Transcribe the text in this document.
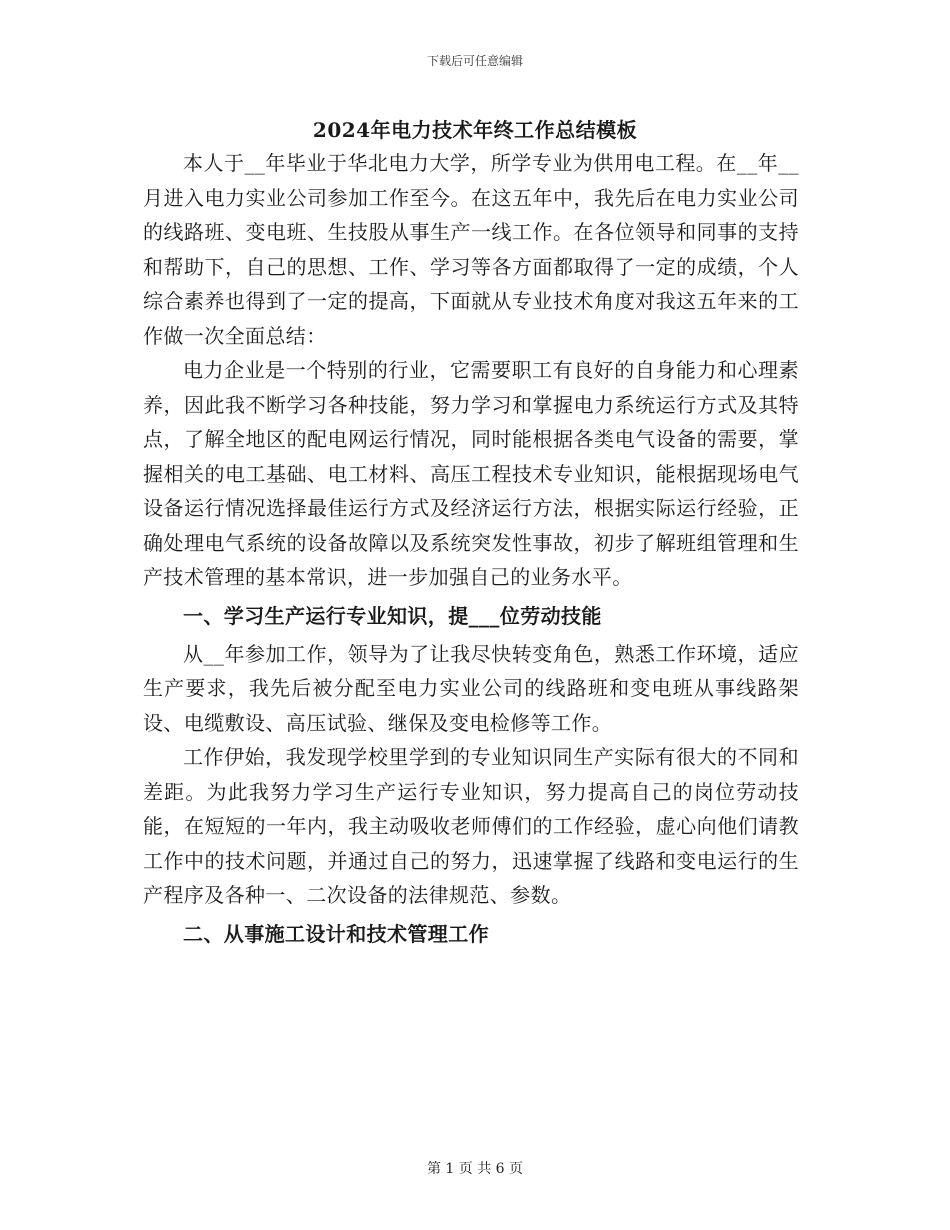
下载后可任意编辑
2024年电力技术年终工作总结模板

本人于__年毕业于华北电力大学，所学专业为供用电工程。在__年__月进入电力实业公司参加工作至今。在这五年中，我先后在电力实业公司的线路班、变电班、生技股从事生产一线工作。在各位领导和同事的支持和帮助下，自己的思想、工作、学习等各方面都取得了一定的成绩，个人综合素养也得到了一定的提高，下面就从专业技术角度对我这五年来的工作做一次全面总结：

电力企业是一个特别的行业，它需要职工有良好的自身能力和心理素养，因此我不断学习各种技能，努力学习和掌握电力系统运行方式及其特点，了解全地区的配电网运行情况，同时能根据各类电气设备的需要，掌握相关的电工基础、电工材料、高压工程技术专业知识，能根据现场电气设备运行情况选择最佳运行方式及经济运行方法，根据实际运行经验，正确处理电气系统的设备故障以及系统突发性事故，初步了解班组管理和生产技术管理的基本常识，进一步加强自己的业务水平。

一、学习生产运行专业知识，提___位劳动技能

从__年参加工作，领导为了让我尽快转变角色，熟悉工作环境，适应生产要求，我先后被分配至电力实业公司的线路班和变电班从事线路架设、电缆敷设、高压试验、继保及变电检修等工作。

工作伊始，我发现学校里学到的专业知识同生产实际有很大的不同和差距。为此我努力学习生产运行专业知识，努力提高自己的岗位劳动技能，在短短的一年内，我主动吸收老师傅们的工作经验，虚心向他们请教工作中的技术问题，并通过自己的努力，迅速掌握了线路和变电运行的生产程序及各种一、二次设备的法律规范、参数。

二、从事施工设计和技术管理工作
第 1 页 共 6 页
